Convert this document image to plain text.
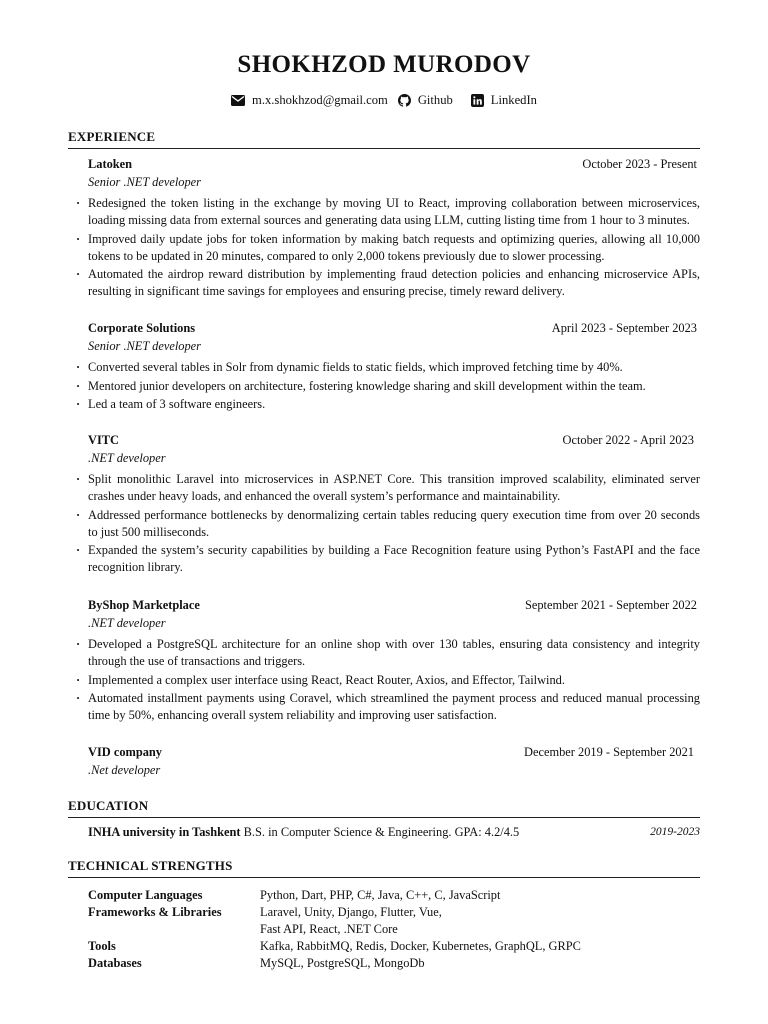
SHOKHZOD MURODOV
m.x.shokhzod@gmail.com Github	LinkedIn
EXPERIENCE
Latoken	October 2023 - Present
Senior .NET developer
· Redesigned the token listing in the exchange by moving UI to React, improving collaboration between microservices, loading missing data from external sources and generating data using LLM, cutting listing time from 1 hour to 3 minutes.
· Improved daily update jobs for token information by making batch requests and optimizing queries, allowing all 10,000 tokens to be updated in 20 minutes, compared to only 2,000 tokens previously due to slower processing.
· Automated the airdrop reward distribution by implementing fraud detection policies and enhancing microservice APIs, resulting in significant time savings for employees and ensuring precise, timely reward delivery.
Corporate Solutions	April 2023 - September 2023
Senior .NET developer
· Converted several tables in Solr from dynamic fields to static fields, which improved fetching time by 40%.
· Mentored junior developers on architecture, fostering knowledge sharing and skill development within the team.
· Led a team of 3 software engineers.
VITC	October 2022 - April 2023
.NET developer
· Split monolithic Laravel into microservices in ASP.NET Core. This transition improved scalability, eliminated server crashes under heavy loads, and enhanced the overall system’s performance and maintainability.
· Addressed performance bottlenecks by denormalizing certain tables reducing query execution time from over 20 seconds to just 500 milliseconds.
· Expanded the system’s security capabilities by building a Face Recognition feature using Python’s FastAPI and the face recognition library.
ByShop Marketplace	September 2021 - September 2022
.NET developer
· Developed a PostgreSQL architecture for an online shop with over 130 tables, ensuring data consistency and integrity through the use of transactions and triggers.
· Implemented a complex user interface using React, React Router, Axios, and Effector, Tailwind.
· Automated installment payments using Coravel, which streamlined the payment process and reduced manual processing time by 50%, enhancing overall system reliability and improving user satisfaction.
VID company	December 2019 - September 2021
.Net developer
EDUCATION
INHA university in Tashkent B.S. in Computer Science & Engineering. GPA: 4.2/4.5	2019-2023
TECHNICAL STRENGTHS
Computer Languages	Python, Dart, PHP, C#, Java, C++, C, JavaScript
Frameworks & Libraries	Laravel, Unity, Django, Flutter, Vue,
Fast API, React, .NET Core
Tools	Kafka, RabbitMQ, Redis, Docker, Kubernetes, GraphQL, GRPC
Databases	MySQL, PostgreSQL, MongoDb
